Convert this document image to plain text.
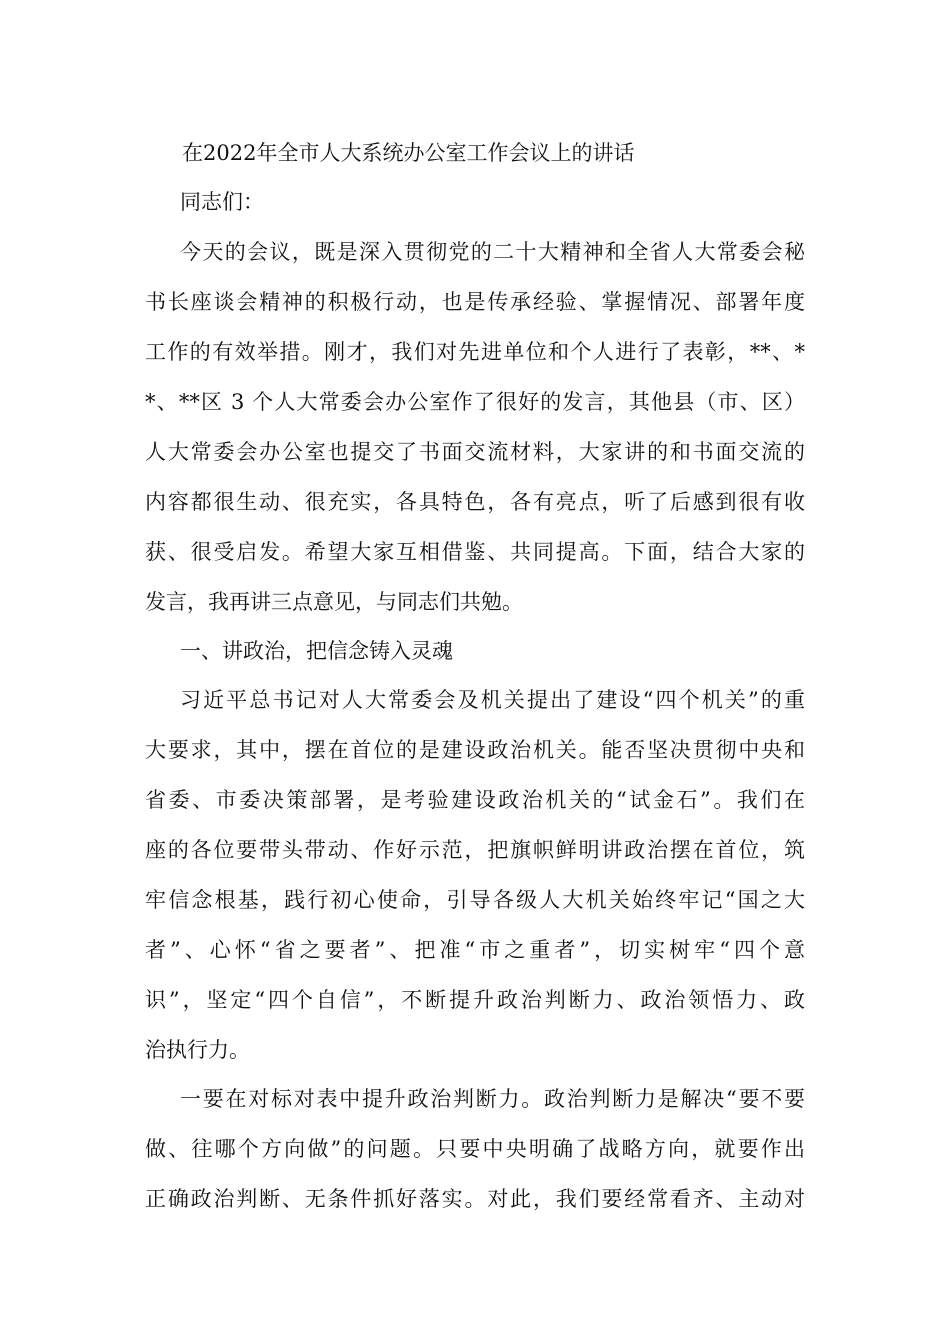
在2022年全市人大系统办公室工作会议上的讲话
同志们：
今天的会议，既是深入贯彻党的二十大精神和全省人大常委会秘
书长座谈会精神的积极行动，也是传承经验、掌握情况、部署年度
工作的有效举措。刚才，我们对先进单位和个人进行了表彰，**、*
*、**区 3 个人大常委会办公室作了很好的发言，其他县（市、区）
人大常委会办公室也提交了书面交流材料，大家讲的和书面交流的
内容都很生动、很充实，各具特色，各有亮点，听了后感到很有收
获、很受启发。希望大家互相借鉴、共同提高。下面，结合大家的
发言，我再讲三点意见，与同志们共勉。
一、讲政治，把信念铸入灵魂
习近平总书记对人大常委会及机关提出了建设“四个机关”的重
大要求，其中，摆在首位的是建设政治机关。能否坚决贯彻中央和
省委、市委决策部署，是考验建设政治机关的“试金石”。我们在
座的各位要带头带动、作好示范，把旗帜鲜明讲政治摆在首位，筑
牢信念根基，践行初心使命，引导各级人大机关始终牢记“国之大
者”、心怀“省之要者”、把准“市之重者”，切实树牢“四个意
识”，坚定“四个自信”，不断提升政治判断力、政治领悟力、政
治执行力。
一要在对标对表中提升政治判断力。政治判断力是解决“要不要
做、往哪个方向做”的问题。只要中央明确了战略方向，就要作出
正确政治判断、无条件抓好落实。对此，我们要经常看齐、主动对
